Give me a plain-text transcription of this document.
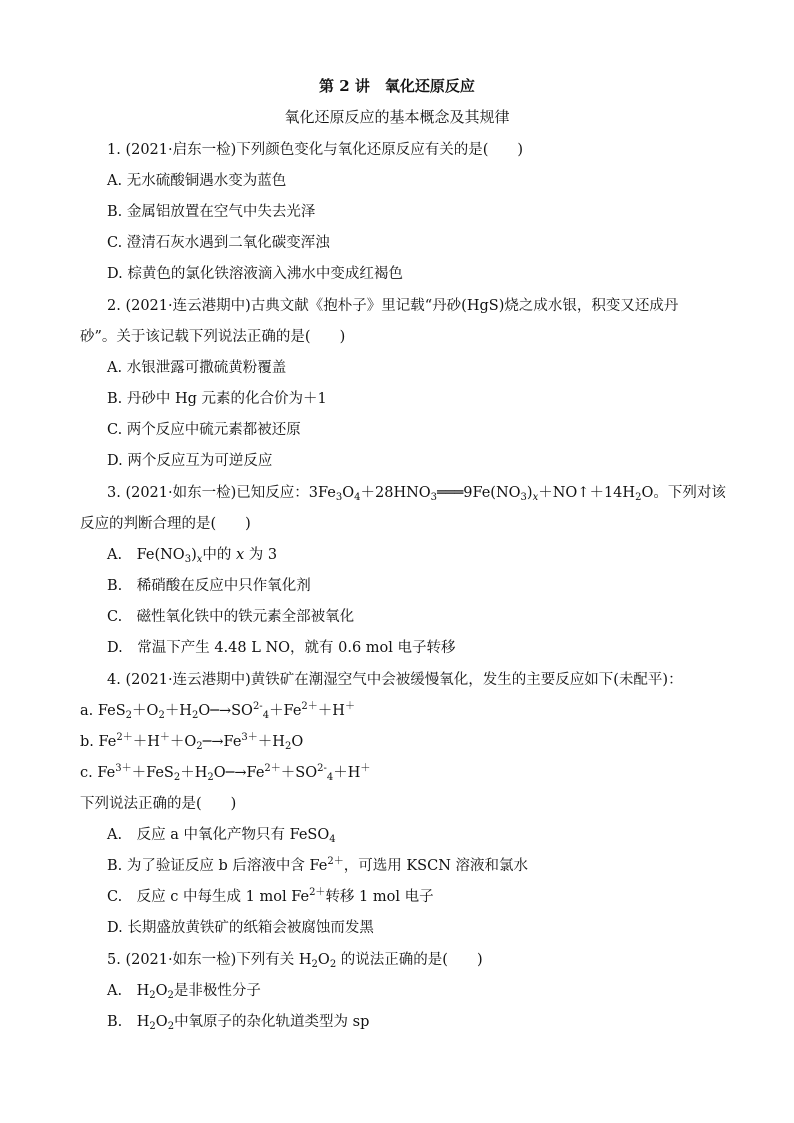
第 2 讲　氧化还原反应
氧化还原反应的基本概念及其规律
1. (2021·启东一检)下列颜色变化与氧化还原反应有关的是(　　)
A. 无水硫酸铜遇水变为蓝色
B. 金属铝放置在空气中失去光泽
C. 澄清石灰水遇到二氧化碳变浑浊
D. 棕黄色的氯化铁溶液滴入沸水中变成红褐色
2. (2021·连云港期中)古典文献《抱朴子》里记载“丹砂(HgS)烧之成水银，积变又还成丹
砂”。关于该记载下列说法正确的是(　　)
A. 水银泄露可撒硫黄粉覆盖
B. 丹砂中 Hg 元素的化合价为＋1
C. 两个反应中硫元素都被还原
D. 两个反应互为可逆反应
3. (2021·如东一检)已知反应：$3Fe_3O_4+28HNO_3═══9Fe(NO_3)_x+NO↑+14H_2O$。下列对该
反应的判断合理的是(　　)
A.　$Fe(NO_3)_x$中的 x 为 3
B.　稀硝酸在反应中只作氧化剂
C.　磁性氧化铁中的铁元素全部被氧化
D.　常温下产生 4.48 L NO，就有 0.6 mol 电子转移
4. (2021·连云港期中)黄铁矿在潮湿空气中会被缓慢氧化，发生的主要反应如下(未配平)：
a. $FeS_2+O_2+H_2O─\to SO^{2-}_4+Fe^{2+}+H^+$
b. $Fe^{2+}+H^++O_2─\to Fe^{3+}+H_2O$
c. $Fe^{3+}+FeS_2+H_2O─\to Fe^{2+}+SO^{2-}_4+H^+$
下列说法正确的是(　　)
A.　反应 a 中氧化产物只有 FeSO$_4$
B. 为了验证反应 b 后溶液中含 $Fe^{2+}$，可选用 KSCN 溶液和氯水
C.　反应 c 中每生成 1 mol $Fe^{2+}$转移 1 mol 电子
D. 长期盛放黄铁矿的纸箱会被腐蚀而发黑
5. (2021·如东一检)下列有关 $H_2O_2$ 的说法正确的是(　　)
A.　$H_2O_2$是非极性分子
B.　$H_2O_2$中氧原子的杂化轨道类型为 sp
